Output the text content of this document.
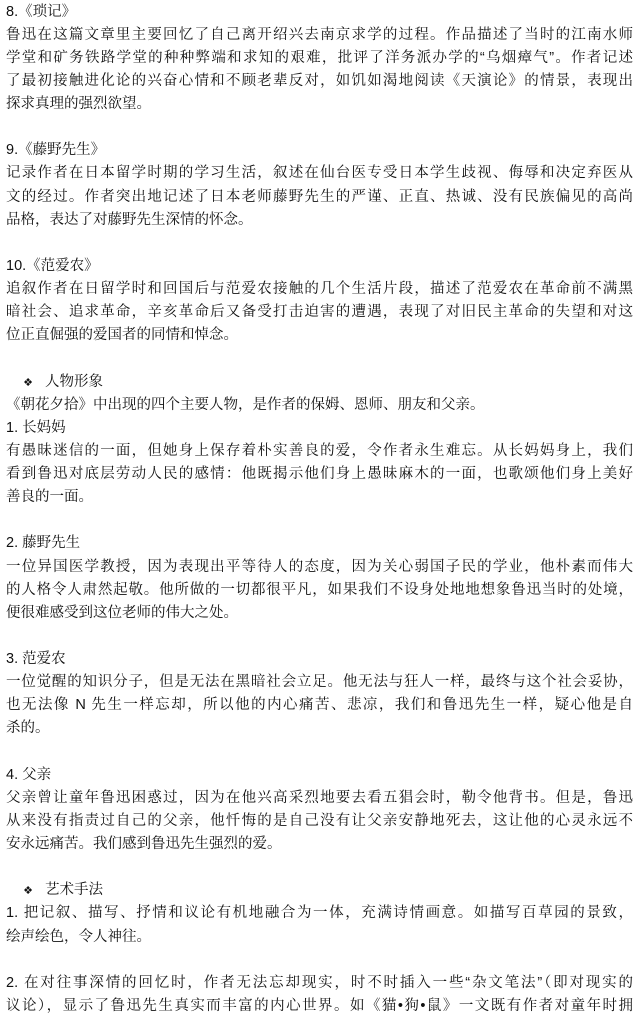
8.《琐记》
鲁迅在这篇文章里主要回忆了自己离开绍兴去南京求学的过程。作品描述了当时的江南水师
学堂和矿务铁路学堂的种种弊端和求知的艰难，批评了洋务派办学的“乌烟瘴气”。作者记述
了最初接触进化论的兴奋心情和不顾老辈反对，如饥如渴地阅读《天演论》的情景，表现出
探求真理的强烈欲望。
9.《藤野先生》
记录作者在日本留学时期的学习生活，叙述在仙台医专受日本学生歧视、侮辱和决定弃医从
文的经过。作者突出地记述了日本老师藤野先生的严谨、正直、热诚、没有民族偏见的高尚
品格，表达了对藤野先生深情的怀念。
10.《范爱农》
追叙作者在日留学时和回国后与范爱农接触的几个生活片段，描述了范爱农在革命前不满黑
暗社会、追求革命，辛亥革命后又备受打击迫害的遭遇，表现了对旧民主革命的失望和对这
位正直倔强的爱国者的同情和悼念。
❖ 人物形象
《朝花夕拾》中出现的四个主要人物，是作者的保姆、恩师、朋友和父亲。
1. 长妈妈
有愚昧迷信的一面，但她身上保存着朴实善良的爱，令作者永生难忘。从长妈妈身上，我们
看到鲁迅对底层劳动人民的感情：他既揭示他们身上愚昧麻木的一面，也歌颂他们身上美好
善良的一面。
2. 藤野先生
一位异国医学教授，因为表现出平等待人的态度，因为关心弱国子民的学业，他朴素而伟大
的人格令人肃然起敬。他所做的一切都很平凡，如果我们不设身处地地想象鲁迅当时的处境，
便很难感受到这位老师的伟大之处。
3. 范爱农
一位觉醒的知识分子，但是无法在黑暗社会立足。他无法与狂人一样，最终与这个社会妥协，
也无法像 N 先生一样忘却，所以他的内心痛苦、悲凉，我们和鲁迅先生一样，疑心他是自
杀的。
4. 父亲
父亲曾让童年鲁迅困惑过，因为在他兴高采烈地要去看五猖会时，勒令他背书。但是，鲁迅
从来没有指责过自己的父亲，他忏悔的是自己没有让父亲安静地死去，这让他的心灵永远不
安永远痛苦。我们感到鲁迅先生强烈的爱。
❖ 艺术手法
1. 把记叙、描写、抒情和议论有机地融合为一体，充满诗情画意。如描写百草园的景致，
绘声绘色，令人神往。
2. 在对往事深情的回忆时，作者无法忘却现实，时不时插入一些“杂文笔法”（即对现实的
议论），显示了鲁迅先生真实而丰富的内心世界。如《猫•狗•鼠》一文既有作者对童年时拥
